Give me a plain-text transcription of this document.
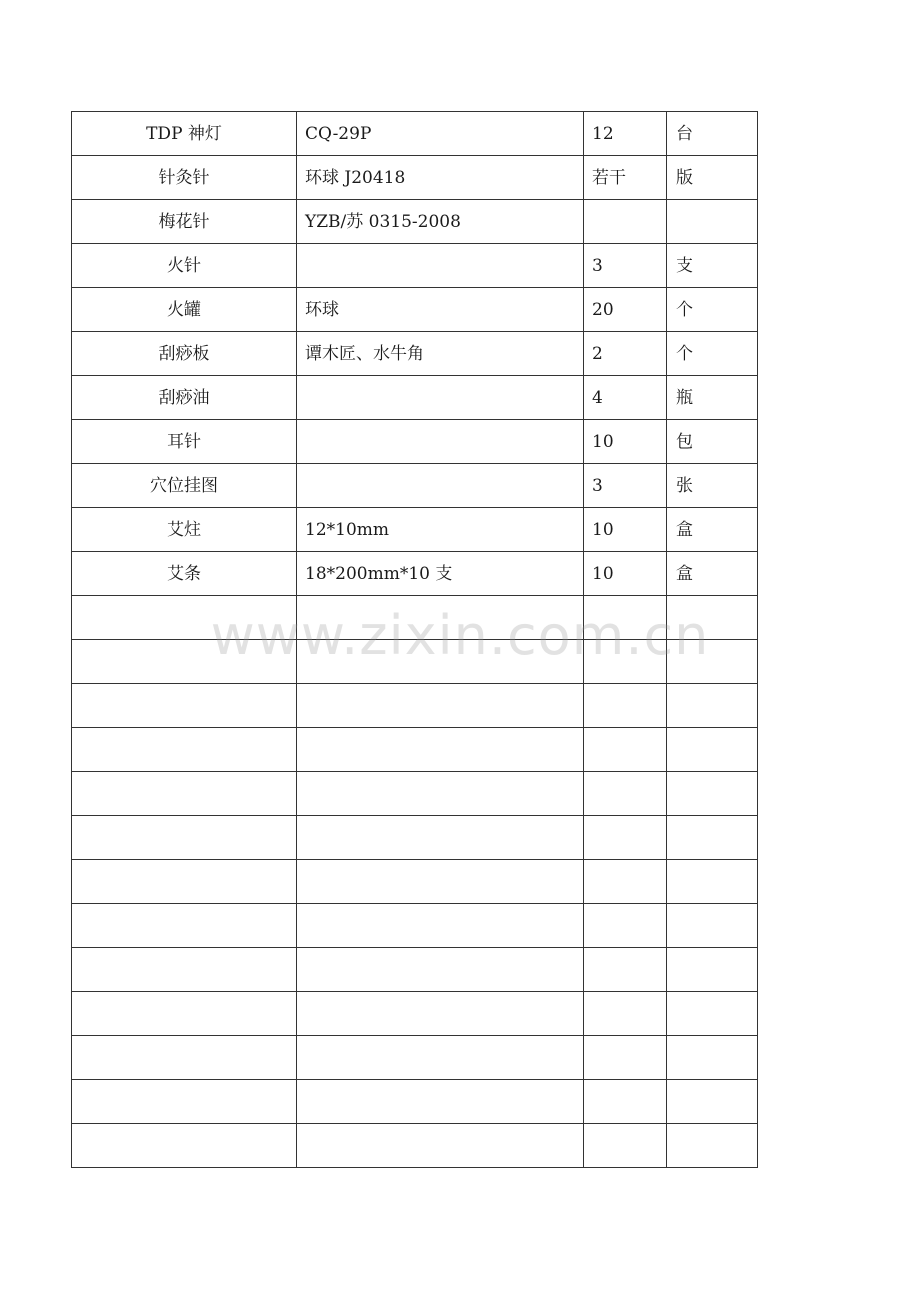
TDP 神灯	CQ-29P	12	台
针灸针	环球 J20418	若干	版
梅花针	YZB/苏 0315-2008		
火针		3	支
火罐	环球	20	个
刮痧板	谭木匠、水牛角	2	个
刮痧油		4	瓶
耳针		10	包
穴位挂图		3	张
艾炷	12*10mm	10	盒
艾条	18*200mm*10 支	10	盒

www.zixin.com.cn
